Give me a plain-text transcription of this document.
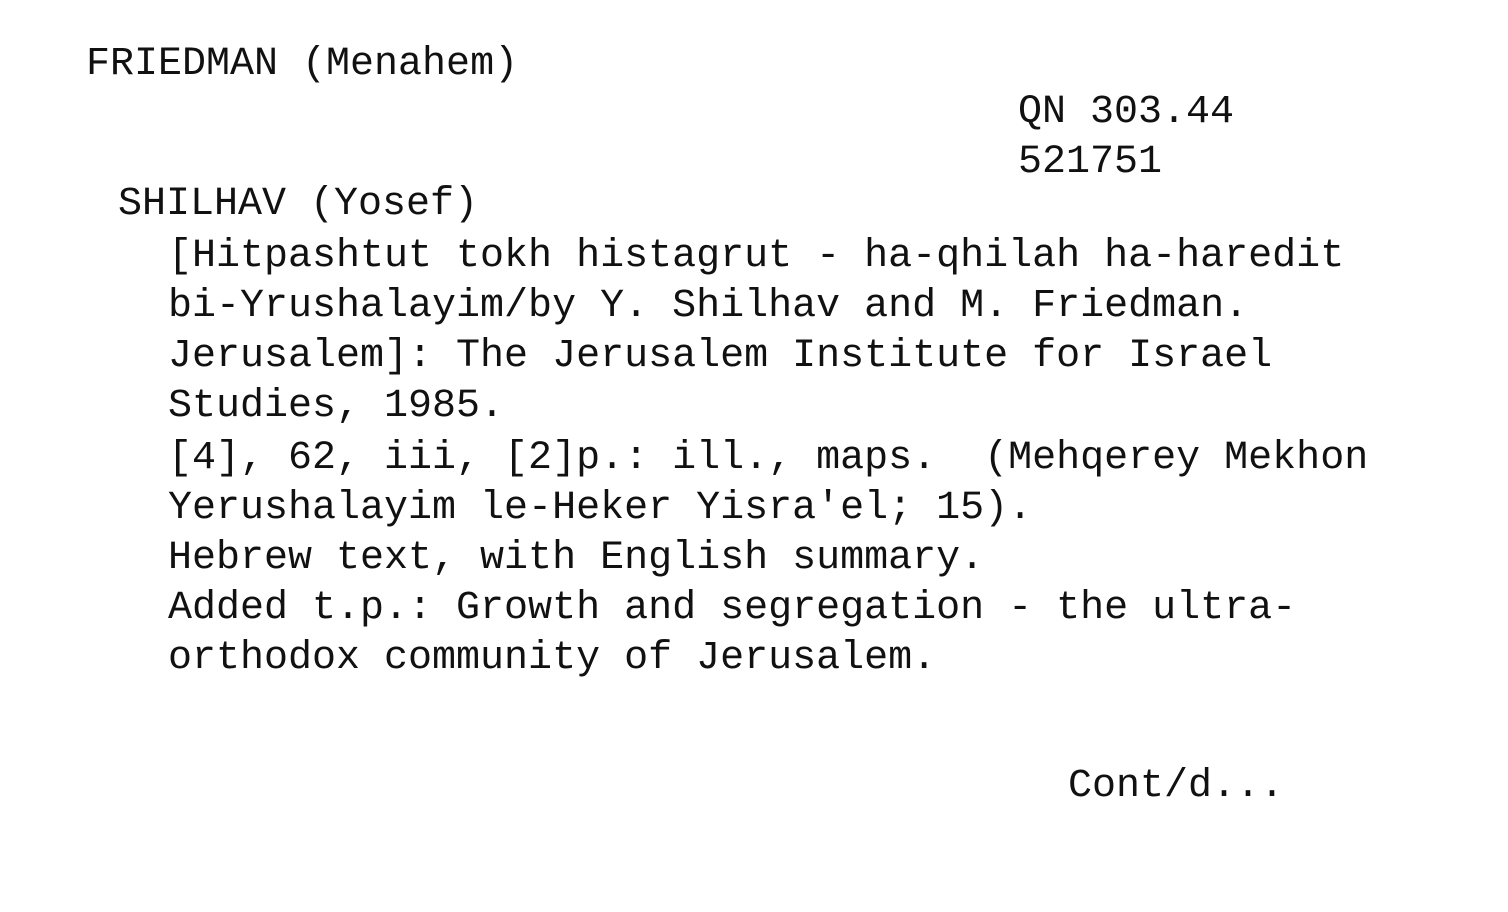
FRIEDMAN (Menahem)
QN 303.44
521751
SHILHAV (Yosef)
[Hitpashtut tokh histagrut - ha-qhilah ha-haredit
bi-Yrushalayim/by Y. Shilhav and M. Friedman.
Jerusalem]: The Jerusalem Institute for Israel
Studies, 1985.
[4], 62, iii, [2]p.: ill., maps.  (Mehqerey Mekhon
Yerushalayim le-Heker Yisra'el; 15).
Hebrew text, with English summary.
Added t.p.: Growth and segregation - the ultra-
orthodox community of Jerusalem.
Cont/d...
